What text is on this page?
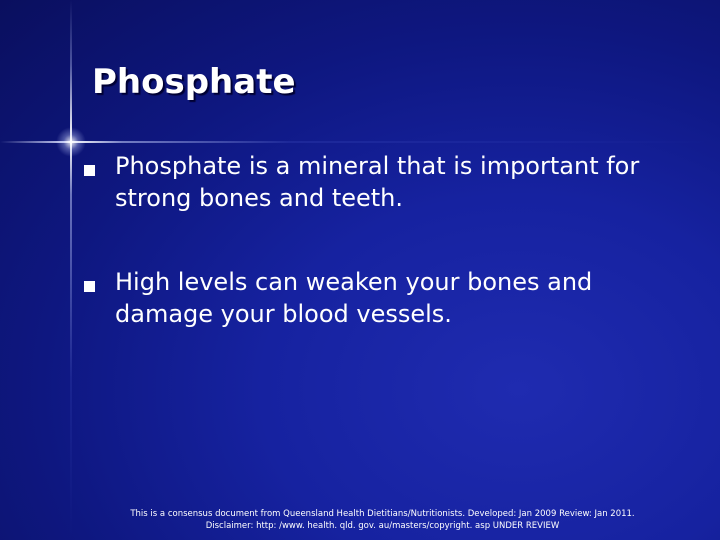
Phosphate
Phosphate is a mineral that is important for strong bones and teeth.
High levels can weaken your bones and damage your blood vessels.
This is a consensus document from Queensland Health Dietitians/Nutritionists. Developed: Jan 2009 Review: Jan 2011.
Disclaimer: http: /www. health. qld. gov. au/masters/copyright. asp UNDER REVIEW
